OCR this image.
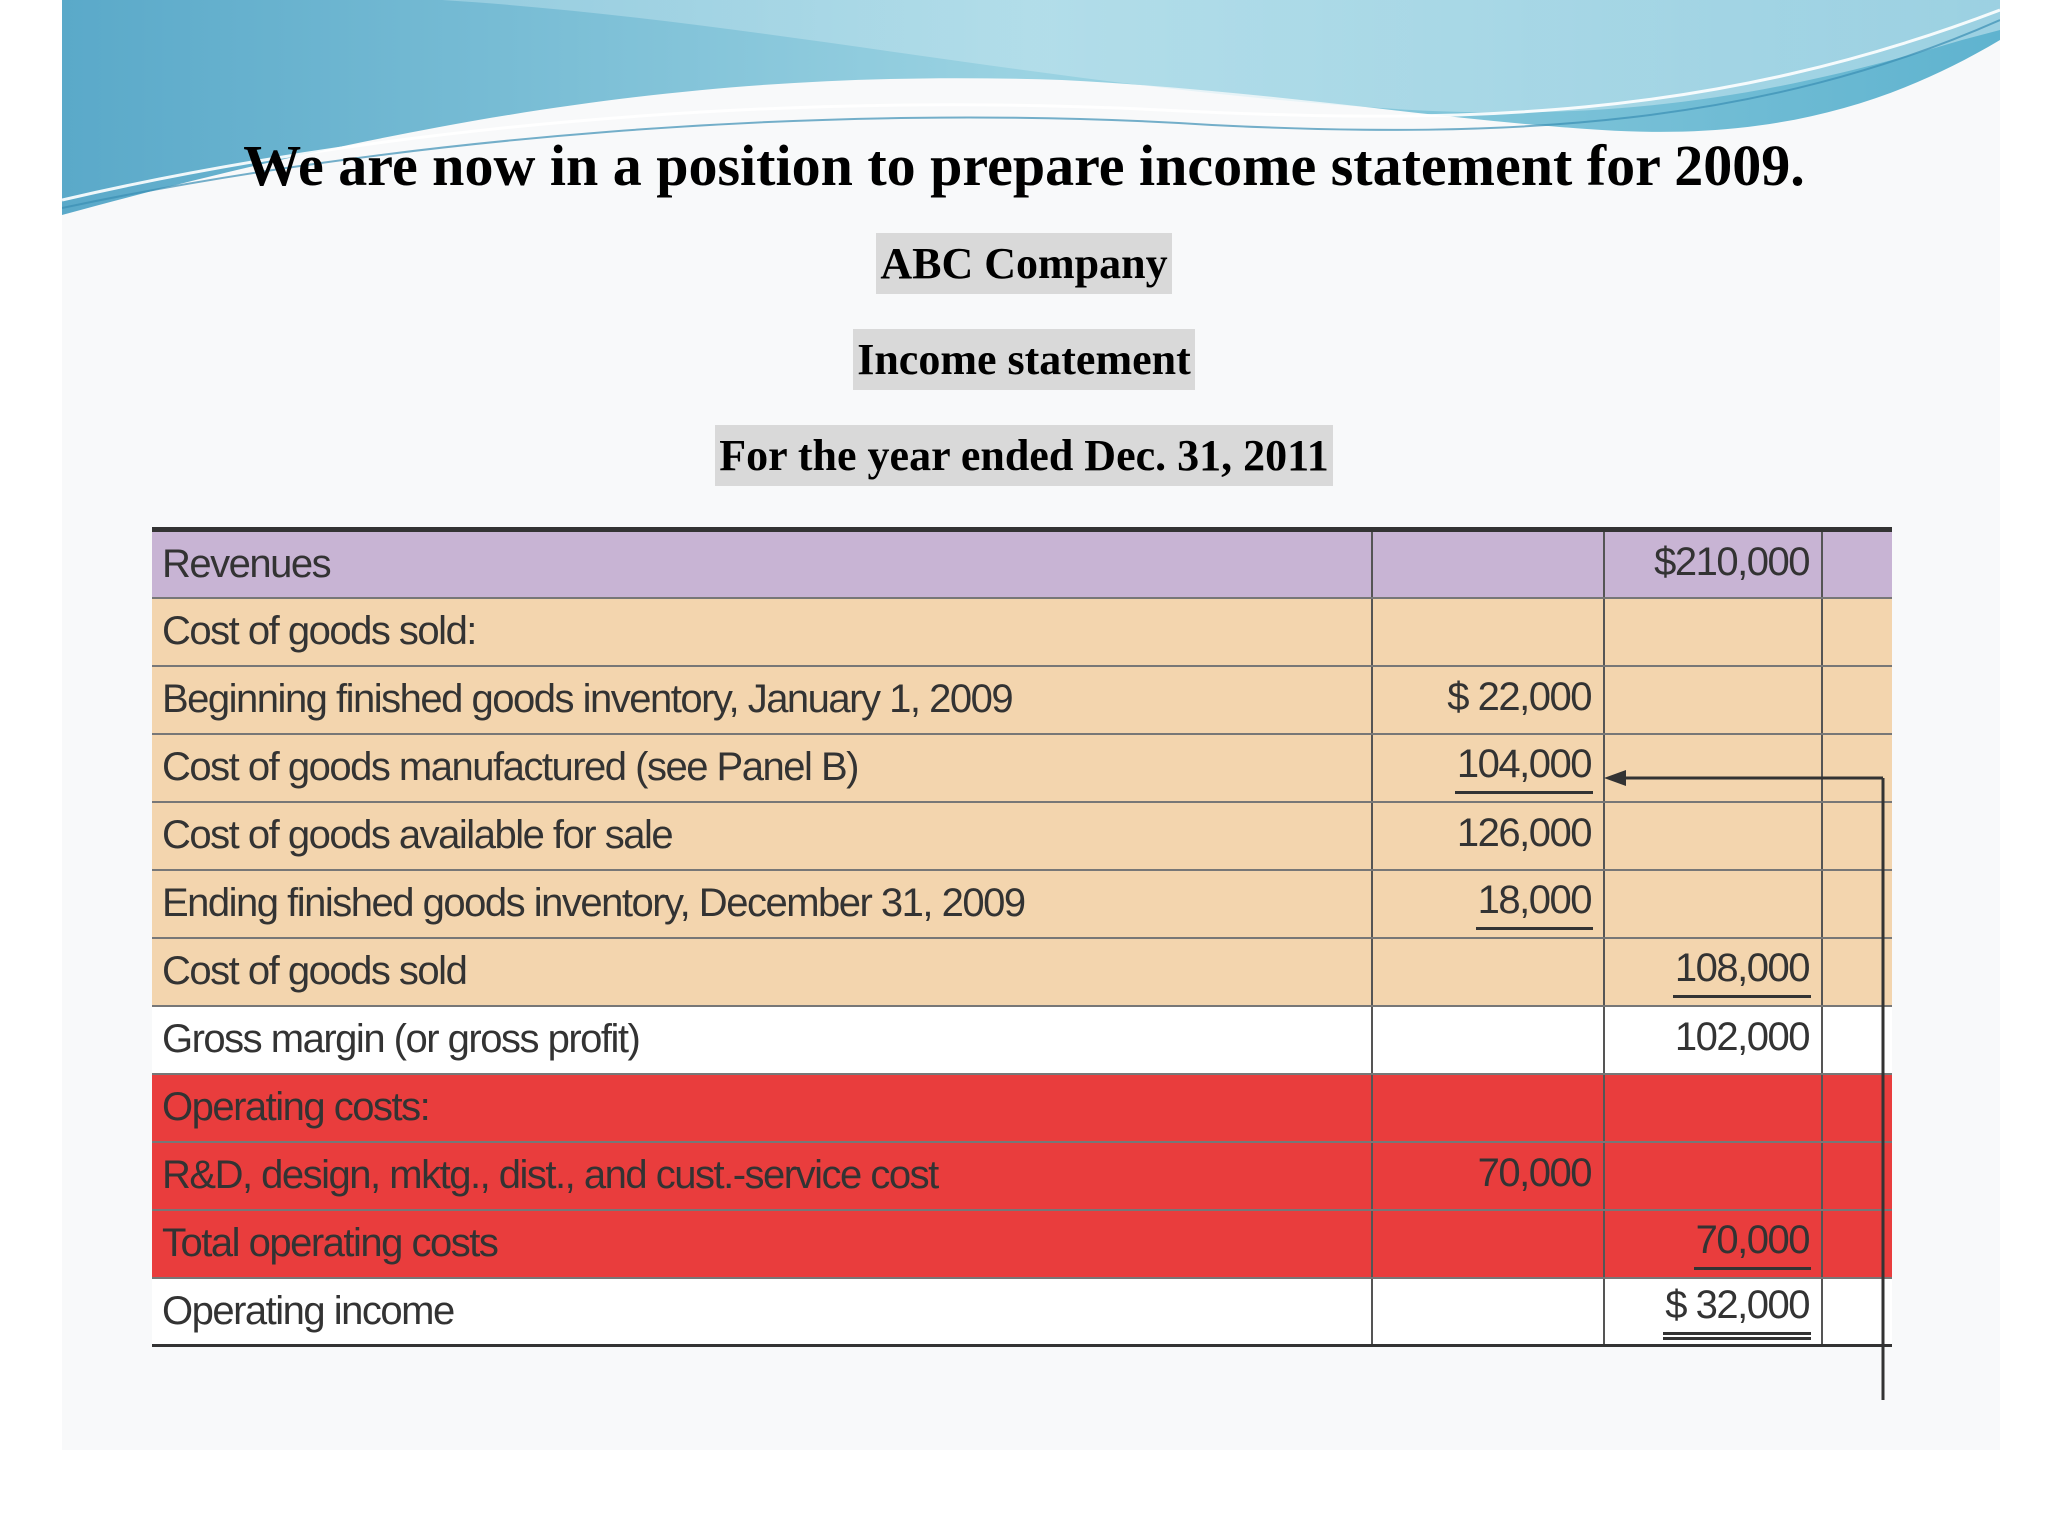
We are now in a position to prepare income statement for 2009.
ABC Company
Income statement
For the year ended Dec. 31, 2011
Revenues		$210,000	
Cost of goods sold:			
Beginning finished goods inventory, January 1, 2009	$ 22,000		
Cost of goods manufactured (see Panel B)	104,000		
Cost of goods available for sale	126,000		
Ending finished goods inventory, December 31, 2009	18,000		
Cost of goods sold		108,000	
Gross margin (or gross profit)		102,000	
Operating costs:			
R&D, design, mktg., dist., and cust.-service cost	70,000		
Total operating costs		70,000	
Operating income		$ 32,000	
